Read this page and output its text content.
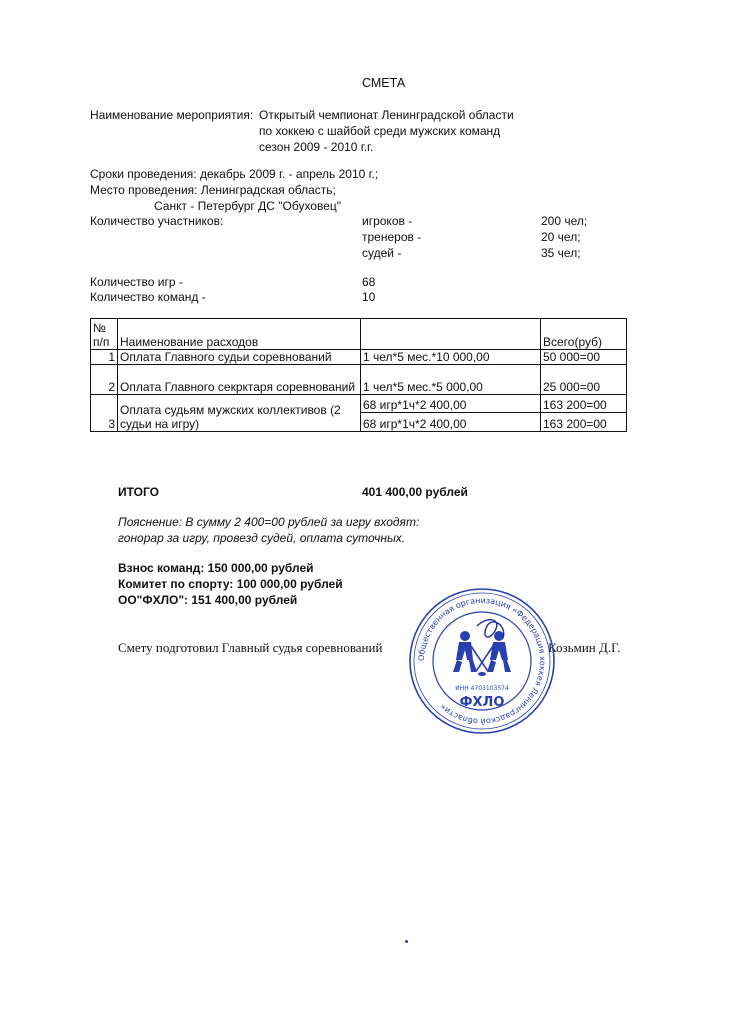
СМЕТА
Наименование мероприятия: Открытый чемпионат Ленинградской области
по хоккею с шайбой среди мужских команд
сезон 2009 - 2010 г.г.
Сроки проведения: декабрь 2009 г. - апрель 2010 г.;
Место проведения: Ленинградская область;
Санкт - Петербург ДС "Обуховец"
Количество участников:	игроков -	200 чел;
тренеров -	20 чел;
судей -	35 чел;
Количество игр -	68
Количество команд -	10
№ п/п	Наименование расходов		Всего(руб)
1	Оплата Главного судьи соревнований	1 чел*5 мес.*10 000,00	50 000=00
2	Оплата Главного секрктаря соревнований	1 чел*5 мес.*5 000,00	25 000=00
3	Оплата судьям мужских коллективов (2 судьи на игру)	68 игр*1ч*2 400,00	163 200=00
		68 игр*1ч*2 400,00	163 200=00
ИТОГО	401 400,00 рублей
Пояснение: В сумму 2 400=00 рублей за игру входят:
гонорар за игру, провезд судей, оплата суточных.
Взнос команд: 150 000,00 рублей
Комитет по спорту: 100 000,00 рублей
ОО"ФХЛО": 151 400,00 рублей
Смету подготовил Главный судья соревнований	Козьмин Д.Г.
Общественная организация «Федерация хоккея Ленинградской области»
ИНН 4703103574
ФХЛО
